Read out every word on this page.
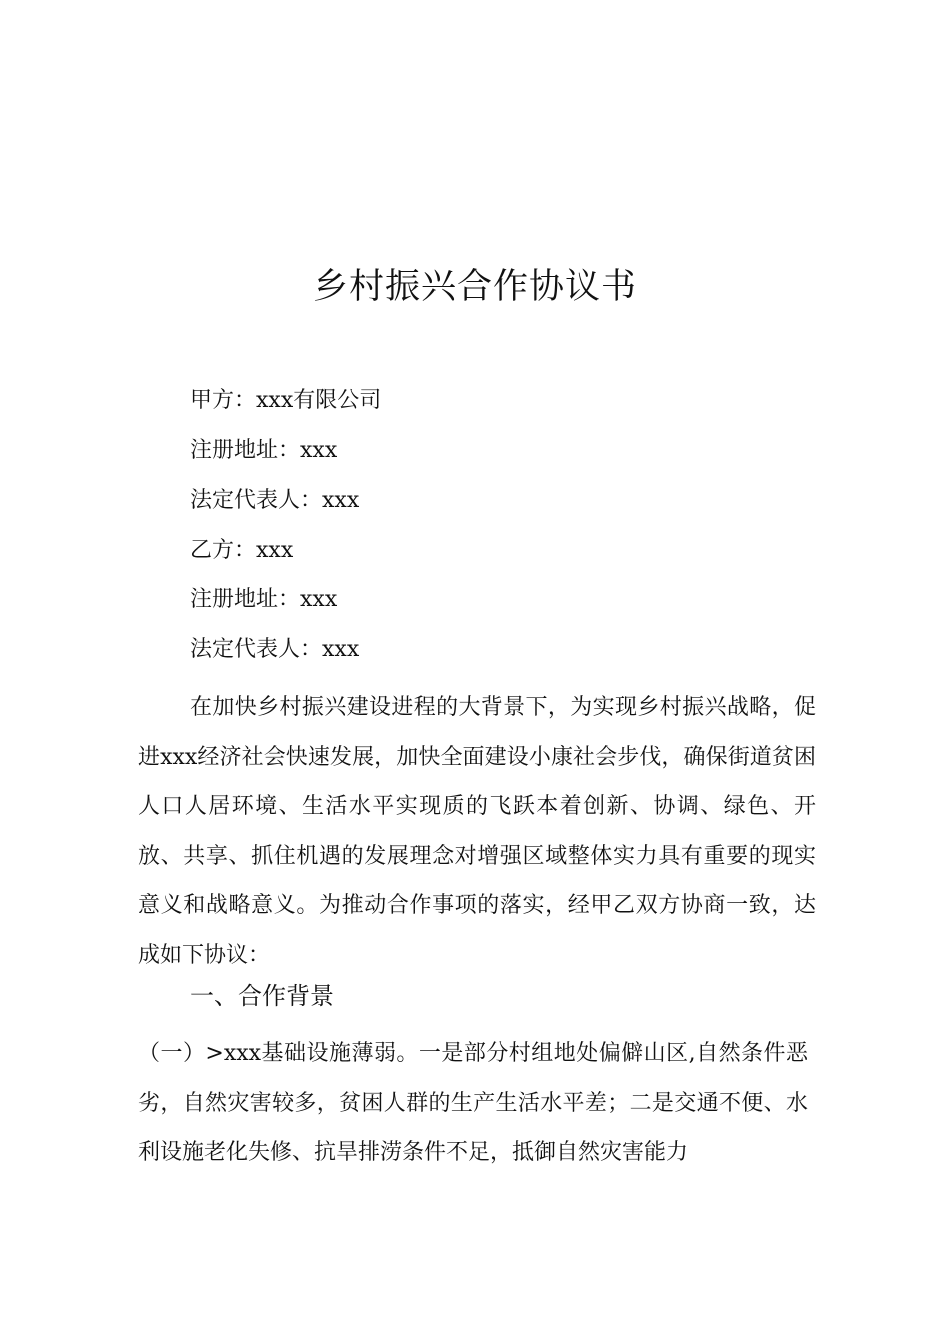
乡村振兴合作协议书

甲方：xxx有限公司

注册地址：xxx

法定代表人：xxx

乙方：xxx

注册地址：xxx

法定代表人：xxx

在加快乡村振兴建设进程的大背景下，为实现乡村振兴战略，促进xxx经济社会快速发展，加快全面建设小康社会步伐，确保街道贫困人口人居环境、生活水平实现质的飞跃本着创新、协调、绿色、开放、共享、抓住机遇的发展理念对增强区域整体实力具有重要的现实意义和战略意义。为推动合作事项的落实，经甲乙双方协商一致，达成如下协议：

一、合作背景

（一）>xxx基础设施薄弱。一是部分村组地处偏僻山区,自然条件恶劣，自然灾害较多，贫困人群的生产生活水平差；二是交通不便、水利设施老化失修、抗旱排涝条件不足，抵御自然灾害能力
